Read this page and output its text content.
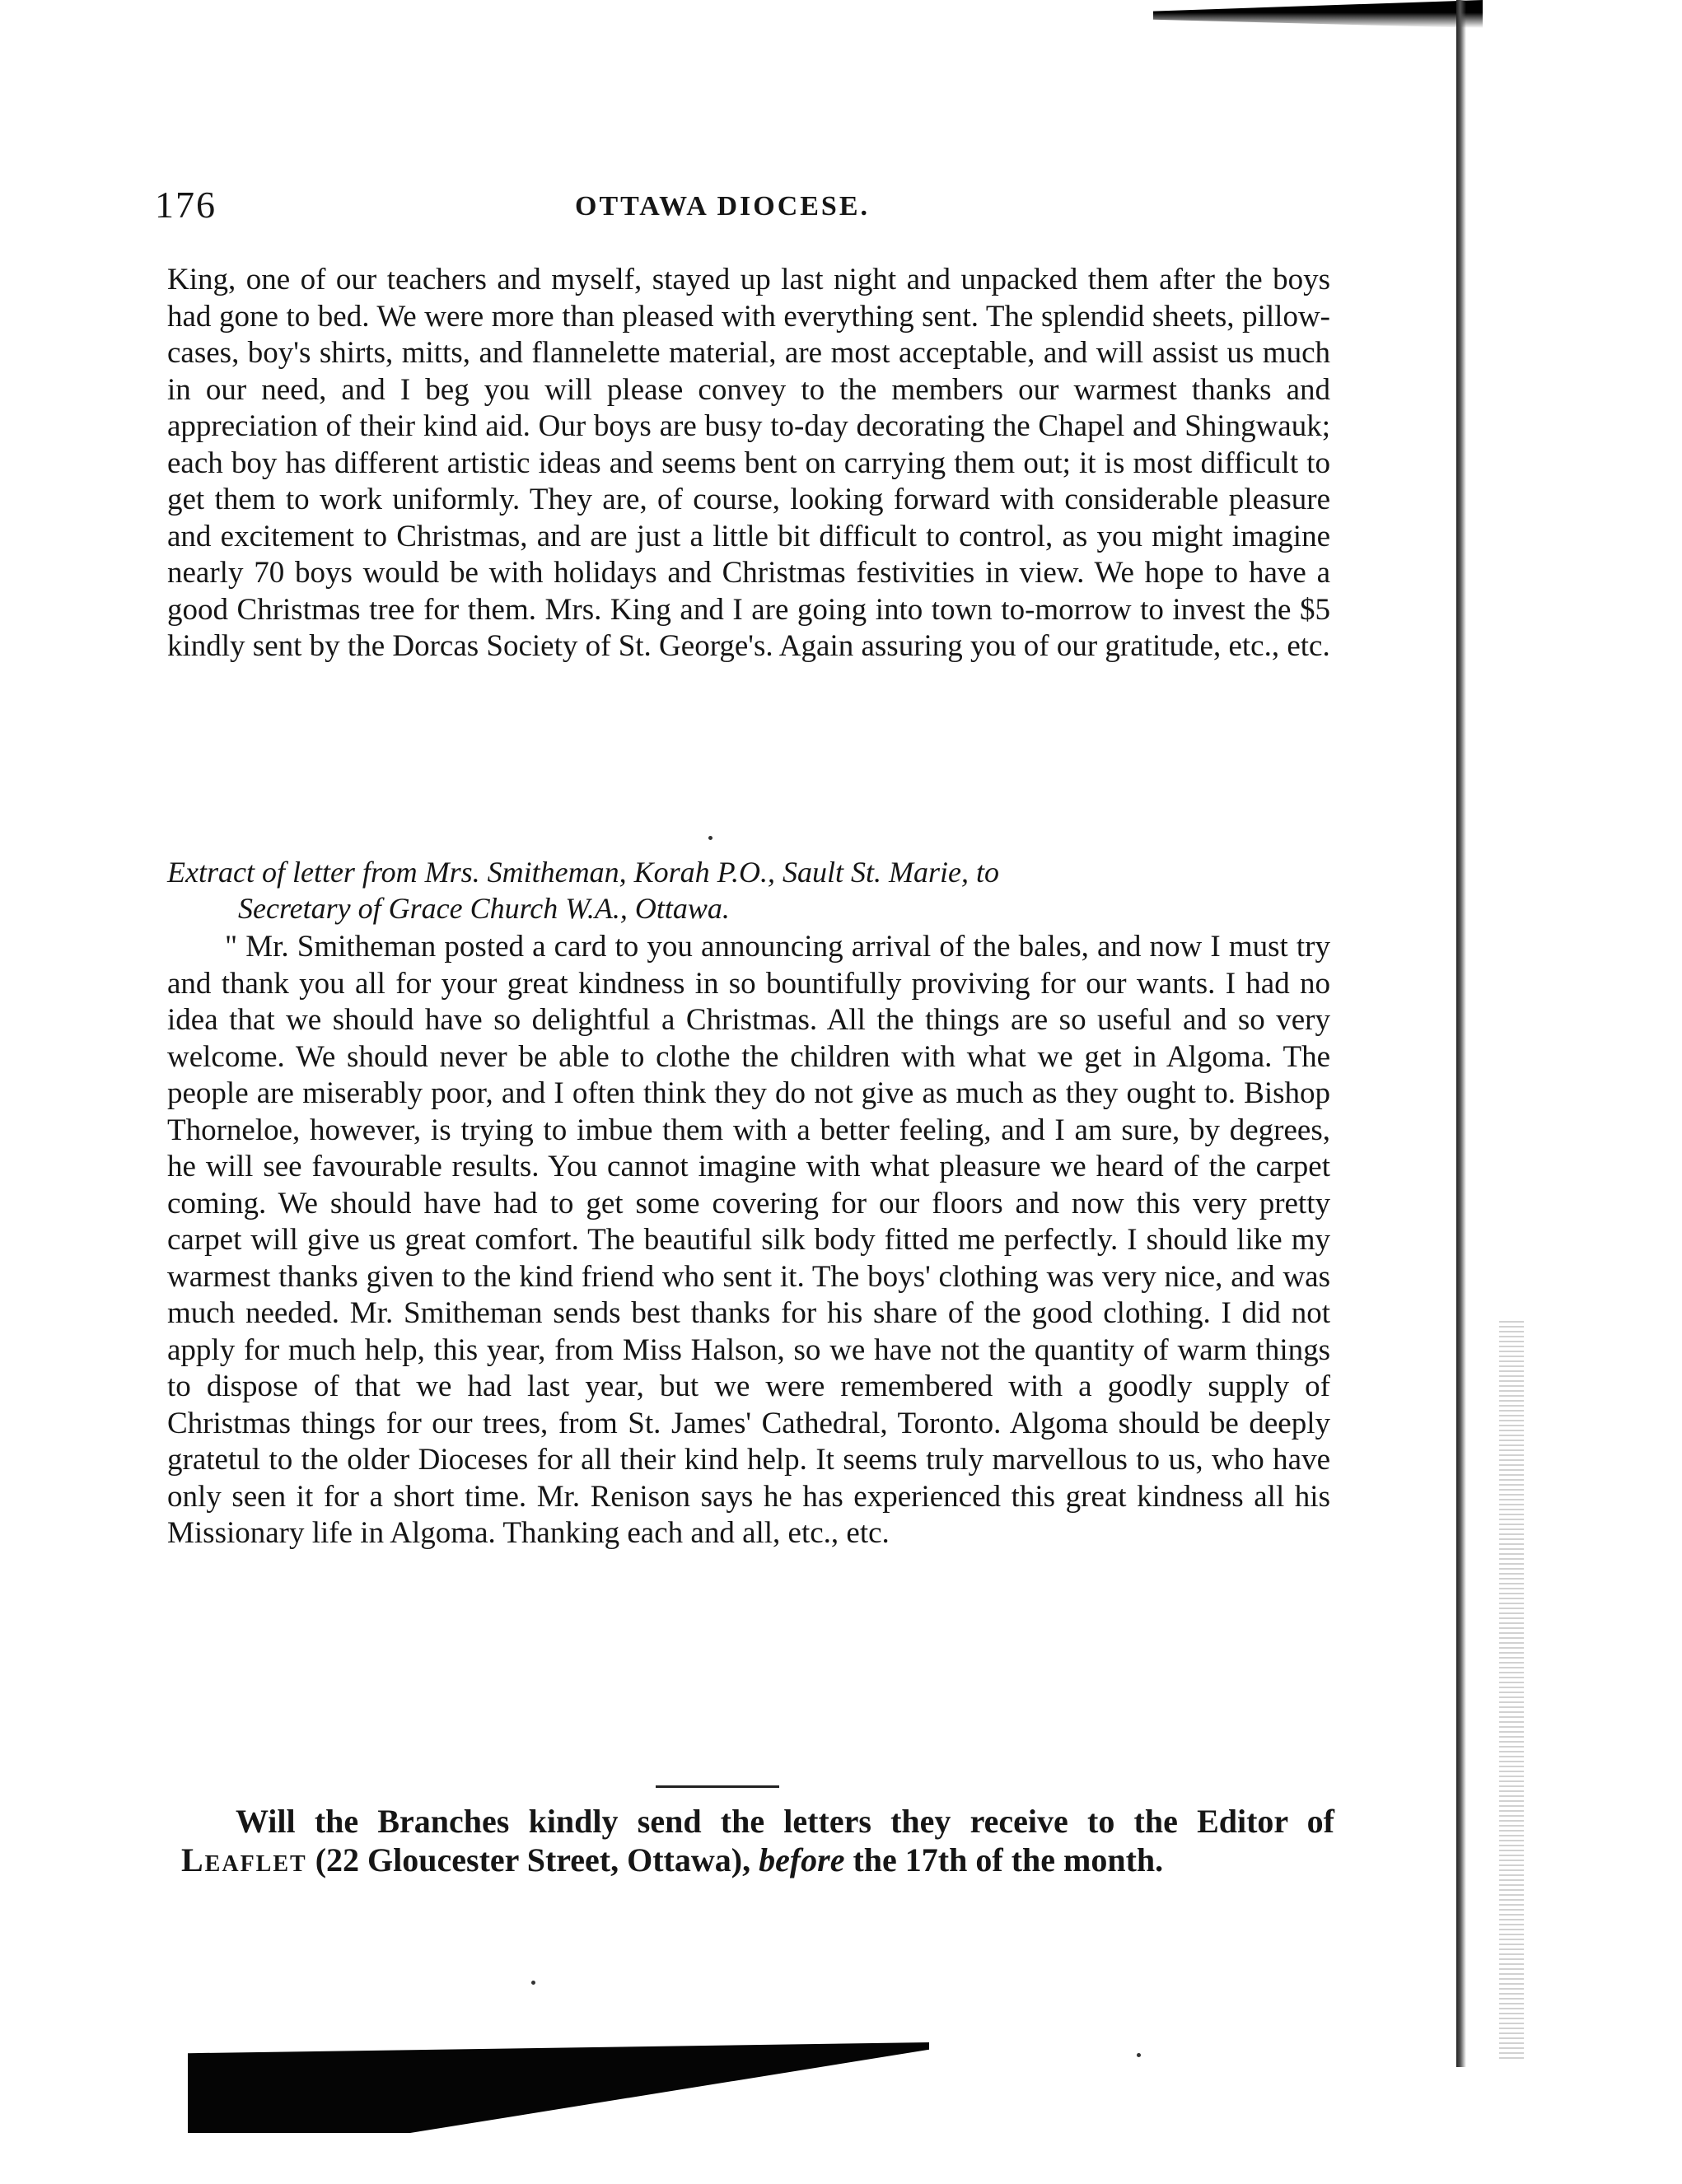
176	OTTAWA DIOCESE.
King, one of our teachers and myself, stayed up last night and unpacked them after the boys had gone to bed. We were more than pleased with everything sent. The splendid sheets, pillow-cases, boy's shirts, mitts, and flannelette material, are most acceptable, and will assist us much in our need, and I beg you will please convey to the members our warmest thanks and appreciation of their kind aid. Our boys are busy to-day decorating the Chapel and Shingwauk; each boy has different artistic ideas and seems bent on carrying them out; it is most difficult to get them to work uniformly. They are, of course, looking forward with considerable pleasure and excitement to Christmas, and are just a little bit difficult to control, as you might imagine nearly 70 boys would be with holidays and Christmas festivities in view. We hope to have a good Christmas tree for them. Mrs. King and I are going into town to-morrow to invest the $5 kindly sent by the Dorcas Society of St. George's. Again assuring you of our gratitude, etc., etc.
Extract of letter from Mrs. Smitheman, Korah P.O., Sault St. Marie, to
Secretary of Grace Church W.A., Ottawa.
" Mr. Smitheman posted a card to you announcing arrival of the bales, and now I must try and thank you all for your great kindness in so bountifully proviving for our wants. I had no idea that we should have so delightful a Christmas. All the things are so useful and so very welcome. We should never be able to clothe the children with what we get in Algoma. The people are miserably poor, and I often think they do not give as much as they ought to. Bishop Thorneloe, however, is trying to imbue them with a better feeling, and I am sure, by degrees, he will see favourable results. You cannot imagine with what pleasure we heard of the carpet coming. We should have had to get some covering for our floors and now this very pretty carpet will give us great comfort. The beautiful silk body fitted me perfectly. I should like my warmest thanks given to the kind friend who sent it. The boys' clothing was very nice, and was much needed. Mr. Smitheman sends best thanks for his share of the good clothing. I did not apply for much help, this year, from Miss Halson, so we have not the quantity of warm things to dispose of that we had last year, but we were remembered with a goodly supply of Christmas things for our trees, from St. James' Cathedral, Toronto. Algoma should be deeply gratetul to the older Dioceses for all their kind help. It seems truly marvellous to us, who have only seen it for a short time. Mr. Renison says he has experienced this great kindness all his Missionary life in Algoma. Thanking each and all, etc., etc.
Will the Branches kindly send the letters they receive to the Editor of Leaflet (22 Gloucester Street, Ottawa), before the 17th of the month.
